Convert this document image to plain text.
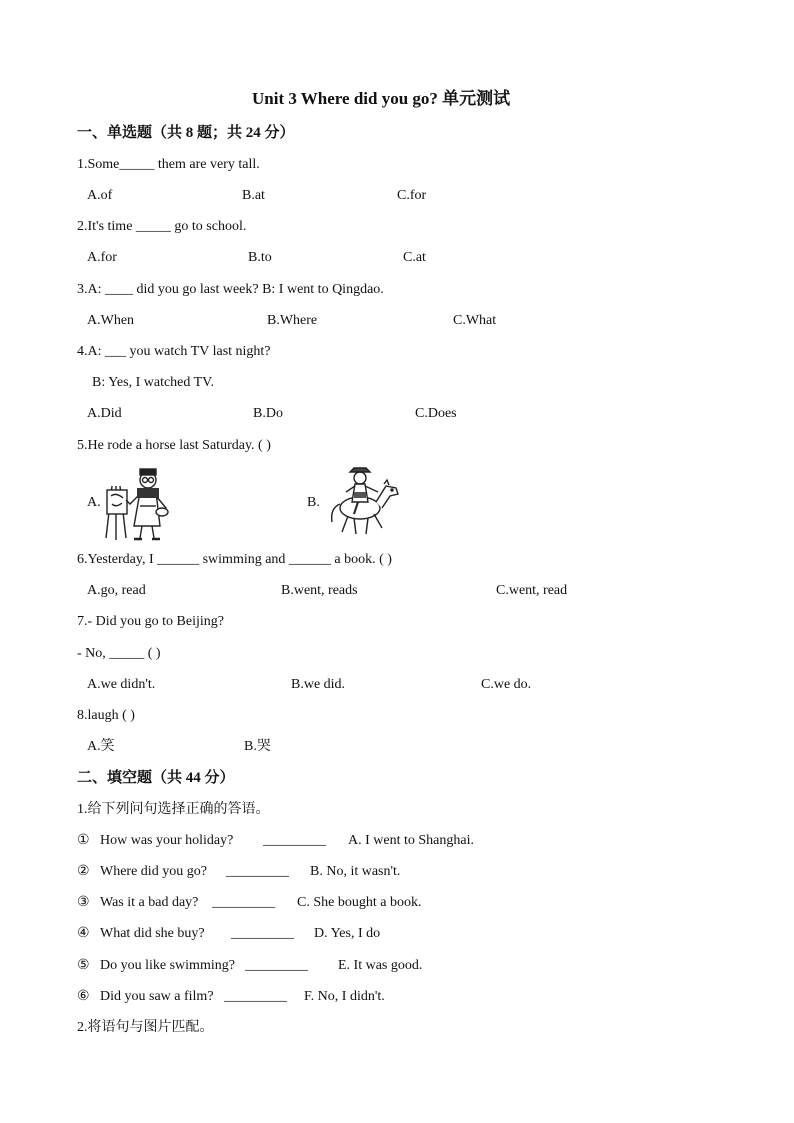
Unit 3 Where did you go? 单元测试
一、单选题（共 8 题；共 24 分）
1.Some_____ them are very tall.
A.of	B.at	C.for
2.It's time _____ go to school.
A.for	B.to	C.at
3.A: ____ did you go last week? B: I went to Qingdao.
A.When	B.Where	C.What
4.A: ___ you watch TV last night?
B: Yes, I watched TV.
A.Did	B.Do	C.Does
5.He rode a horse last Saturday. ( )
A.	B.
6.Yesterday, I ______ swimming and ______ a book. ( )
A.go, read	B.went, reads	C.went, read
7.- Did you go to Beijing?
- No, _____ ( )
A.we didn't.	B.we did.	C.we do.
8.laugh ( )
A.笑	B.哭
二、填空题（共 44 分）
1.给下列问句选择正确的答语。
① How was your holiday? _________ A. I went to Shanghai.
② Where did you go? _________ B. No, it wasn't.
③ Was it a bad day? _________ C. She bought a book.
④ What did she buy? _________ D. Yes, I do
⑤ Do you like swimming? _________ E. It was good.
⑥ Did you saw a film? _________ F. No, I didn't.
2.将语句与图片匹配。
